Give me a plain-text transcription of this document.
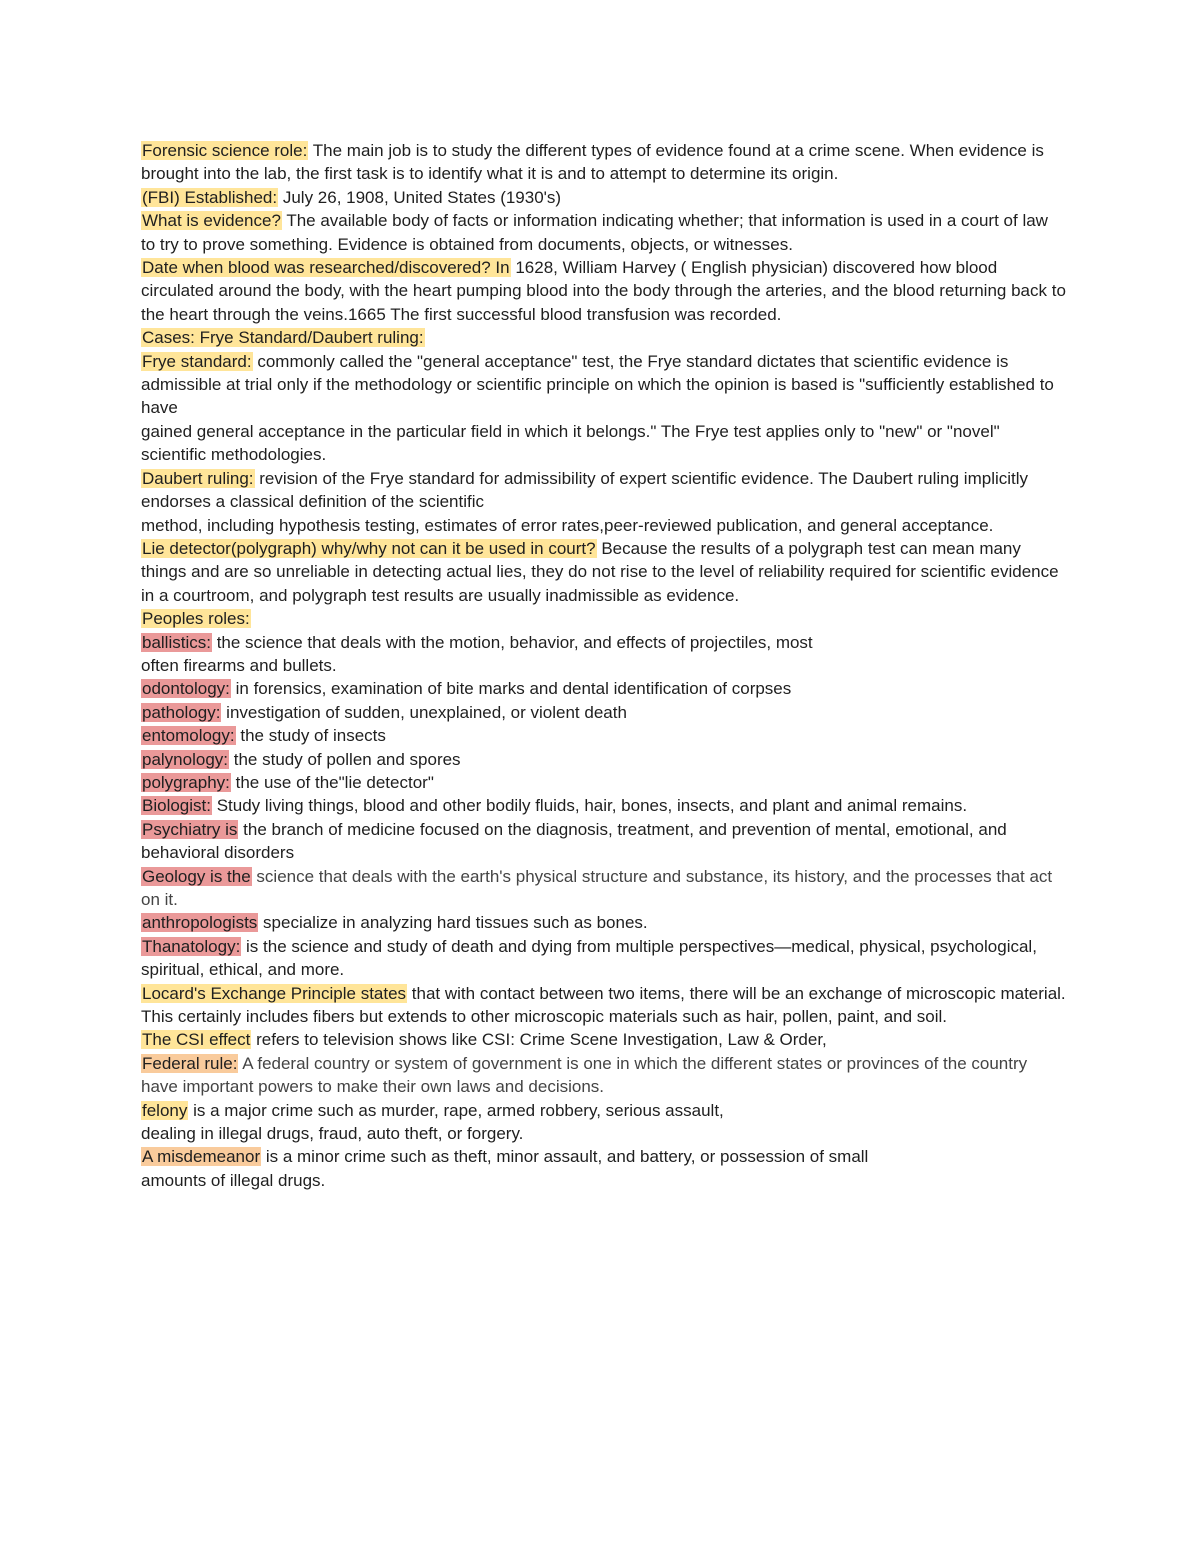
Forensic science role: The main job is to study the different types of evidence found at a crime scene. When evidence is brought into the lab, the first task is to identify what it is and to attempt to determine its origin.

(FBI) Established: July 26, 1908, United States (1930's)

What is evidence? The available body of facts or information indicating whether; that information is used in a court of law to try to prove something. Evidence is obtained from documents, objects, or witnesses.

Date when blood was researched/discovered? In 1628, William Harvey ( English physician) discovered how blood circulated around the body, with the heart pumping blood into the body through the arteries, and the blood returning back to the heart through the veins.1665 The first successful blood transfusion was recorded.

Cases: Frye Standard/Daubert ruling:

Frye standard: commonly called the "general acceptance" test, the Frye standard dictates that scientific evidence is admissible at trial only if the methodology or scientific principle on which the opinion is based is "sufficiently established to have

gained general acceptance in the particular field in which it belongs." The Frye test applies only to "new" or "novel" scientific methodologies.

Daubert ruling: revision of the Frye standard for admissibility of expert scientific evidence. The Daubert ruling implicitly endorses a classical definition of the scientific

method, including hypothesis testing, estimates of error rates,peer-reviewed publication, and general acceptance.

Lie detector(polygraph) why/why not can it be used in court? Because the results of a polygraph test can mean many things and are so unreliable in detecting actual lies, they do not rise to the level of reliability required for scientific evidence in a courtroom, and polygraph test results are usually inadmissible as evidence.

Peoples roles:

ballistics: the science that deals with the motion, behavior, and effects of projectiles, most

often firearms and bullets.

odontology: in forensics, examination of bite marks and dental identification of corpses

pathology: investigation of sudden, unexplained, or violent death

entomology: the study of insects

palynology: the study of pollen and spores

polygraphy: the use of the"lie detector"

Biologist: Study living things, blood and other bodily fluids, hair, bones, insects, and plant and animal remains.

Psychiatry is the branch of medicine focused on the diagnosis, treatment, and prevention of mental, emotional, and behavioral disorders

Geology is the science that deals with the earth's physical structure and substance, its history, and the processes that act on it.

anthropologists specialize in analyzing hard tissues such as bones.

Thanatology: is the science and study of death and dying from multiple perspectives—medical, physical, psychological, spiritual, ethical, and more.

Locard's Exchange Principle states that with contact between two items, there will be an exchange of microscopic material. This certainly includes fibers but extends to other microscopic materials such as hair, pollen, paint, and soil.

The CSI effect refers to television shows like CSI: Crime Scene Investigation, Law & Order,

Federal rule: A federal country or system of government is one in which the different states or provinces of the country have important powers to make their own laws and decisions.

felony is a major crime such as murder, rape, armed robbery, serious assault,

dealing in illegal drugs, fraud, auto theft, or forgery.

A misdemeanor is a minor crime such as theft, minor assault, and battery, or possession of small

amounts of illegal drugs.
